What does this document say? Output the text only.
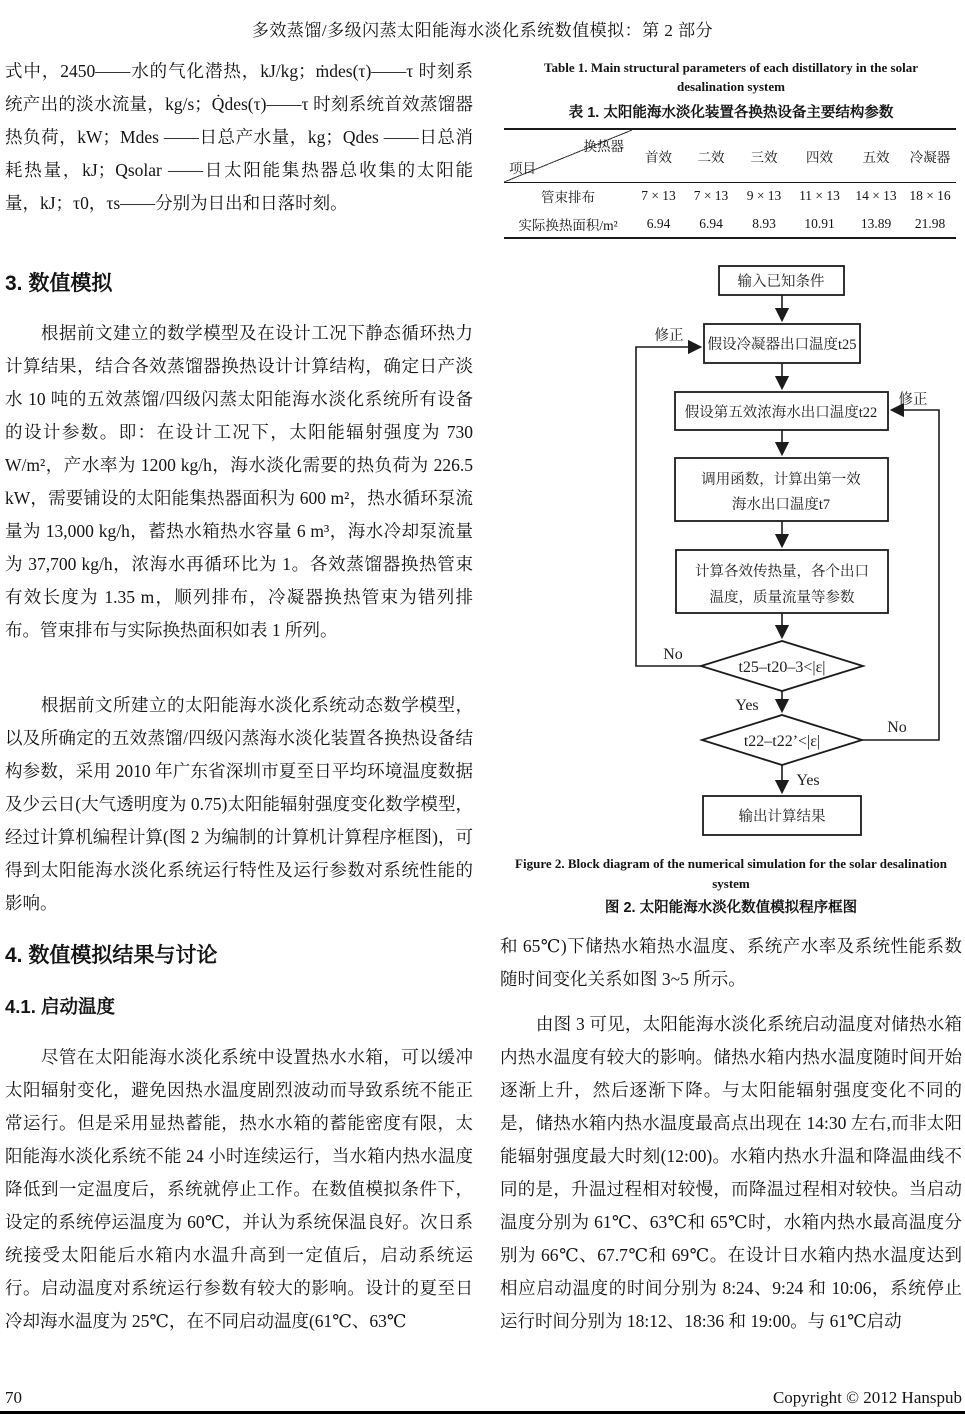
多效蒸馏/多级闪蒸太阳能海水淡化系统数值模拟：第 2 部分

式中，2450——水的气化潜热，kJ/kg；ṁdes(τ)——τ 时刻系统产出的淡水流量，kg/s；Q̇des(τ)——τ 时刻系统首效蒸馏器热负荷，kW；Mdes ——日总产水量，kg；Qdes ——日总消耗热量，kJ；Qsolar ——日太阳能集热器总收集的太阳能量，kJ；τ0，τs——分别为日出和日落时刻。

3. 数值模拟

根据前文建立的数学模型及在设计工况下静态循环热力计算结果，结合各效蒸馏器换热设计计算结构，确定日产淡水 10 吨的五效蒸馏/四级闪蒸太阳能海水淡化系统所有设备的设计参数。即：在设计工况下，太阳能辐射强度为 730 W/m²，产水率为 1200 kg/h，海水淡化需要的热负荷为 226.5 kW，需要铺设的太阳能集热器面积为 600 m²，热水循环泵流量为 13,000 kg/h，蓄热水箱热水容量 6 m³，海水冷却泵流量为 37,700 kg/h，浓海水再循环比为 1。各效蒸馏器换热管束有效长度为 1.35 m，顺列排布，冷凝器换热管束为错列排布。管束排布与实际换热面积如表 1 所列。

根据前文所建立的太阳能海水淡化系统动态数学模型，以及所确定的五效蒸馏/四级闪蒸海水淡化装置各换热设备结构参数，采用 2010 年广东省深圳市夏至日平均环境温度数据及少云日(大气透明度为 0.75)太阳能辐射强度变化数学模型，经过计算机编程计算(图 2 为编制的计算机计算程序框图)，可得到太阳能海水淡化系统运行特性及运行参数对系统性能的影响。

4. 数值模拟结果与讨论
4.1. 启动温度

尽管在太阳能海水淡化系统中设置热水水箱，可以缓冲太阳辐射变化，避免因热水温度剧烈波动而导致系统不能正常运行。但是采用显热蓄能，热水水箱的蓄能密度有限，太阳能海水淡化系统不能 24 小时连续运行，当水箱内热水温度降低到一定温度后，系统就停止工作。在数值模拟条件下，设定的系统停运温度为 60℃，并认为系统保温良好。次日系统接受太阳能后水箱内水温升高到一定值后，启动系统运行。启动温度对系统运行参数有较大的影响。设计的夏至日冷却海水温度为 25℃，在不同启动温度(61℃、63℃

Table 1. Main structural parameters of each distillatory in the solar desalination system
表 1. 太阳能海水淡化装置各换热设备主要结构参数
换热器
项目	首效	二效	三效	四效	五效	冷凝器
管束排布	7 × 13	7 × 13	9 × 13	11 × 13	14 × 13	18 × 16
实际换热面积/m²	6.94	6.94	8.93	10.91	13.89	21.98
输入已知条件
假设冷凝器出口温度t25
假设第五效浓海水出口温度t22
调用函数，计算出第一效
海水出口温度t7
计算各效传热量，各个出口
温度，质量流量等参数
t25–t20–3<|ε|
t22–t22’<|ε|
输出计算结果
修正
修正
No
Yes
No
Yes
Figure 2. Block diagram of the numerical simulation for the solar desalination system
图 2. 太阳能海水淡化数值模拟程序框图

和 65℃)下储热水箱热水温度、系统产水率及系统性能系数随时间变化关系如图 3~5 所示。

由图 3 可见，太阳能海水淡化系统启动温度对储热水箱内热水温度有较大的影响。储热水箱内热水温度随时间开始逐渐上升，然后逐渐下降。与太阳能辐射强度变化不同的是，储热水箱内热水温度最高点出现在 14:30 左右,而非太阳能辐射强度最大时刻(12:00)。水箱内热水升温和降温曲线不同的是，升温过程相对较慢，而降温过程相对较快。当启动温度分别为 61℃、63℃和 65℃时，水箱内热水最高温度分别为 66℃、67.7℃和 69℃。在设计日水箱内热水温度达到相应启动温度的时间分别为 8:24、9:24 和 10:06，系统停止运行时间分别为 18:12、18:36 和 19:00。与 61℃启动

70	Copyright © 2012 Hanspub
